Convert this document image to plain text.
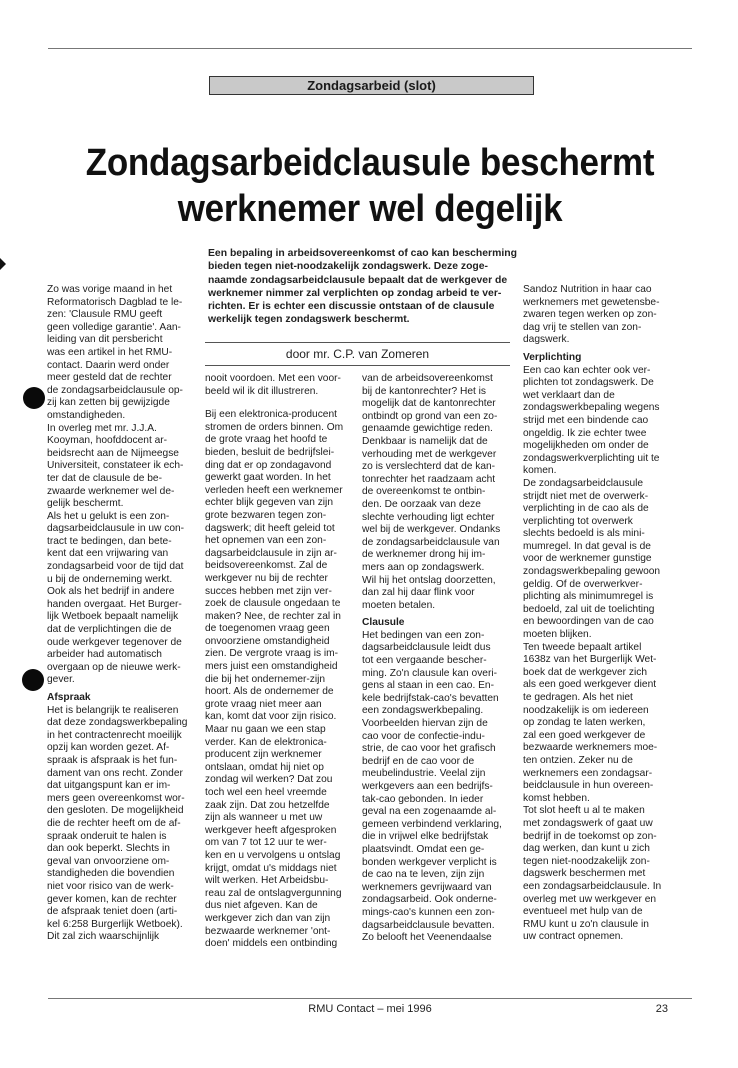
Zondagsarbeid (slot)
Zondagsarbeidclausule beschermt
werknemer wel degelijk
Een bepaling in arbeidsovereenkomst of cao kan bescherming
bieden tegen niet-noodzakelijk zondagswerk. Deze zoge-
naamde zondagsarbeidclausule bepaalt dat de werkgever de
werknemer nimmer zal verplichten op zondag arbeid te ver-
richten. Er is echter een discussie ontstaan of de clausule
werkelijk tegen zondagswerk beschermt.
door mr. C.P. van Zomeren
Zo was vorige maand in het
Reformatorisch Dagblad te le-
zen: 'Clausule RMU geeft
geen volledige garantie'. Aan-
leiding van dit persbericht
was een artikel in het RMU-
contact. Daarin werd onder
meer gesteld dat de rechter
de zondagsarbeidclausule op-
zij kan zetten bij gewijzigde
omstandigheden.
In overleg met mr. J.J.A.
Kooyman, hoofddocent ar-
beidsrecht aan de Nijmeegse
Universiteit, constateer ik ech-
ter dat de clausule de be-
zwaarde werknemer wel de-
gelijk beschermt.
Als het u gelukt is een zon-
dagsarbeidclausule in uw con-
tract te bedingen, dan bete-
kent dat een vrijwaring van
zondagsarbeid voor de tijd dat
u bij de onderneming werkt.
Ook als het bedrijf in andere
handen overgaat. Het Burger-
lijk Wetboek bepaalt namelijk
dat de verplichtingen die de
oude werkgever tegenover de
arbeider had automatisch
overgaan op de nieuwe werk-
gever.
Afspraak
Het is belangrijk te realiseren
dat deze zondagswerkbepaling
in het contractenrecht moeilijk
opzij kan worden gezet. Af-
spraak is afspraak is het fun-
dament van ons recht. Zonder
dat uitgangspunt kan er im-
mers geen overeenkomst wor-
den gesloten. De mogelijkheid
die de rechter heeft om de af-
spraak onderuit te halen is
dan ook beperkt. Slechts in
geval van onvoorziene om-
standigheden die bovendien
niet voor risico van de werk-
gever komen, kan de rechter
de afspraak teniet doen (arti-
kel 6:258 Burgerlijk Wetboek).
Dit zal zich waarschijnlijk
nooit voordoen. Met een voor-
beeld wil ik dit illustreren.
Bij een elektronica-producent
stromen de orders binnen. Om
de grote vraag het hoofd te
bieden, besluit de bedrijfslei-
ding dat er op zondagavond
gewerkt gaat worden. In het
verleden heeft een werknemer
echter blijk gegeven van zijn
grote bezwaren tegen zon-
dagswerk; dit heeft geleid tot
het opnemen van een zon-
dagsarbeidclausule in zijn ar-
beidsovereenkomst. Zal de
werkgever nu bij de rechter
succes hebben met zijn ver-
zoek de clausule ongedaan te
maken? Nee, de rechter zal in
de toegenomen vraag geen
onvoorziene omstandigheid
zien. De vergrote vraag is im-
mers juist een omstandigheid
die bij het ondernemer-zijn
hoort. Als de ondernemer de
grote vraag niet meer aan
kan, komt dat voor zijn risico.
Maar nu gaan we een stap
verder. Kan de elektronica-
producent zijn werknemer
ontslaan, omdat hij niet op
zondag wil werken? Dat zou
toch wel een heel vreemde
zaak zijn. Dat zou hetzelfde
zijn als wanneer u met uw
werkgever heeft afgesproken
om van 7 tot 12 uur te wer-
ken en u vervolgens u ontslag
krijgt, omdat u's middags niet
wilt werken. Het Arbeidsbu-
reau zal de ontslagvergunning
dus niet afgeven. Kan de
werkgever zich dan van zijn
bezwaarde werknemer 'ont-
doen' middels een ontbinding
van de arbeidsovereenkomst
bij de kantonrechter? Het is
mogelijk dat de kantonrechter
ontbindt op grond van een zo-
genaamde gewichtige reden.
Denkbaar is namelijk dat de
verhouding met de werkgever
zo is verslechterd dat de kan-
tonrechter het raadzaam acht
de overeenkomst te ontbin-
den. De oorzaak van deze
slechte verhouding ligt echter
wel bij de werkgever. Ondanks
de zondagsarbeidclausule van
de werknemer drong hij im-
mers aan op zondagswerk.
Wil hij het ontslag doorzetten,
dan zal hij daar flink voor
moeten betalen.
Clausule
Het bedingen van een zon-
dagsarbeidclausule leidt dus
tot een vergaande bescher-
ming. Zo'n clausule kan overi-
gens al staan in een cao. En-
kele bedrijfstak-cao's bevatten
een zondagswerkbepaling.
Voorbeelden hiervan zijn de
cao voor de confectie-indu-
strie, de cao voor het grafisch
bedrijf en de cao voor de
meubelindustrie. Veelal zijn
werkgevers aan een bedrijfs-
tak-cao gebonden. In ieder
geval na een zogenaamde al-
gemeen verbindend verklaring,
die in vrijwel elke bedrijfstak
plaatsvindt. Omdat een ge-
bonden werkgever verplicht is
de cao na te leven, zijn zijn
werknemers gevrijwaard van
zondagsarbeid. Ook onderne-
mings-cao's kunnen een zon-
dagsarbeidclausule bevatten.
Zo belooft het Veenendaalse
Sandoz Nutrition in haar cao
werknemers met gewetensbe-
zwaren tegen werken op zon-
dag vrij te stellen van zon-
dagswerk.
Verplichting
Een cao kan echter ook ver-
plichten tot zondagswerk. De
wet verklaart dan de
zondagswerkbepaling wegens
strijd met een bindende cao
ongeldig. Ik zie echter twee
mogelijkheden om onder de
zondagswerkverplichting uit te
komen.
De zondagsarbeidclausule
strijdt niet met de overwerk-
verplichting in de cao als de
verplichting tot overwerk
slechts bedoeld is als mini-
mumregel. In dat geval is de
voor de werknemer gunstige
zondagswerkbepaling gewoon
geldig. Of de overwerkver-
plichting als minimumregel is
bedoeld, zal uit de toelichting
en bewoordingen van de cao
moeten blijken.
Ten tweede bepaalt artikel
1638z van het Burgerlijk Wet-
boek dat de werkgever zich
als een goed werkgever dient
te gedragen. Als het niet
noodzakelijk is om iedereen
op zondag te laten werken,
zal een goed werkgever de
bezwaarde werknemers moe-
ten ontzien. Zeker nu de
werknemers een zondagsar-
beidclausule in hun overeen-
komst hebben.
Tot slot heeft u al te maken
met zondagswerk of gaat uw
bedrijf in de toekomst op zon-
dag werken, dan kunt u zich
tegen niet-noodzakelijk zon-
dagswerk beschermen met
een zondagsarbeidclausule. In
overleg met uw werkgever en
eventueel met hulp van de
RMU kunt u zo'n clausule in
uw contract opnemen.
RMU Contact – mei 1996	23
